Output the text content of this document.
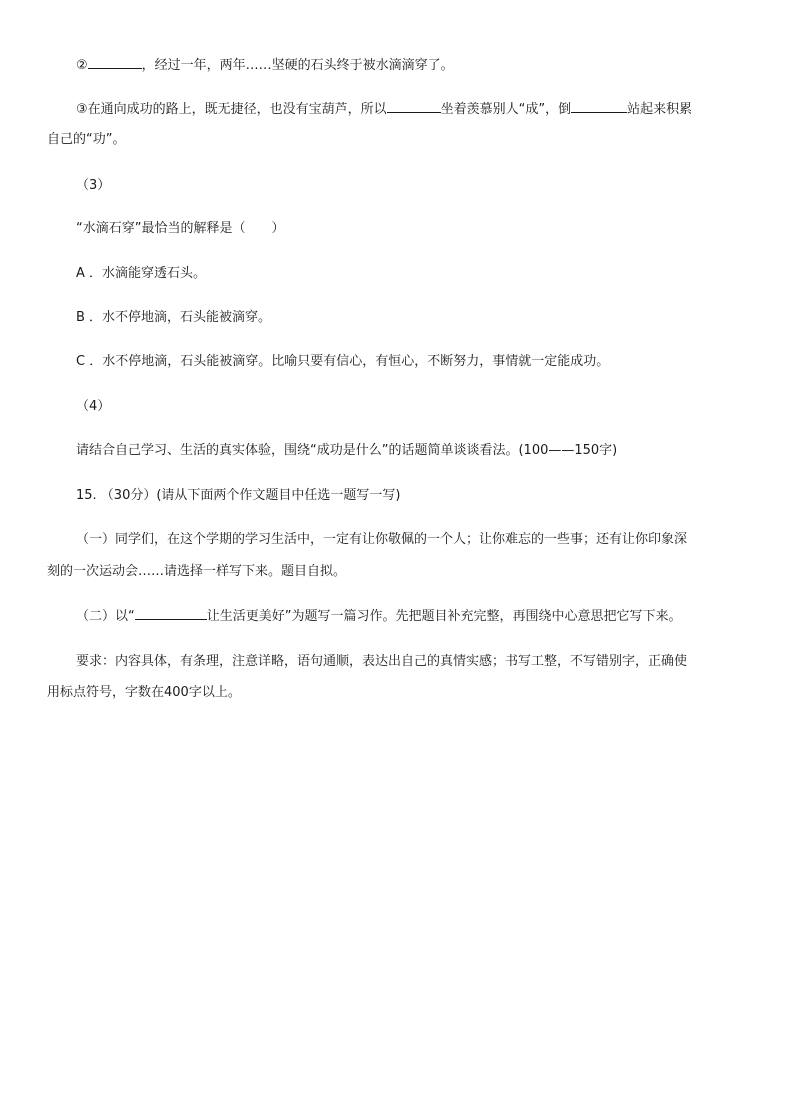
②	，经过一年，两年……坚硬的石头终于被水滴滴穿了。
③在通向成功的路上，既无捷径，也没有宝葫芦，所以	坐着羡慕别人“成”，倒	站起来积累
自己的“功”。
（3）
“水滴石穿”最恰当的解释是（　　）
A ．水滴能穿透石头。
B ．水不停地滴，石头能被滴穿。
C ．水不停地滴，石头能被滴穿。比喻只要有信心，有恒心，不断努力，事情就一定能成功。
（4）
请结合自己学习、生活的真实体验，围绕“成功是什么”的话题简单谈谈看法。(100——150字)
15. （30分）(请从下面两个作文题目中任选一题写一写)
（一）同学们，在这个学期的学习生活中，一定有让你敬佩的一个人；让你难忘的一些事；还有让你印象深
刻的一次运动会……请选择一样写下来。题目自拟。
（二）以“	让生活更美好”为题写一篇习作。先把题目补充完整，再围绕中心意思把它写下来。
要求：内容具体，有条理，注意详略，语句通顺，表达出自己的真情实感；书写工整，不写错别字，正确使
用标点符号，字数在400字以上。
